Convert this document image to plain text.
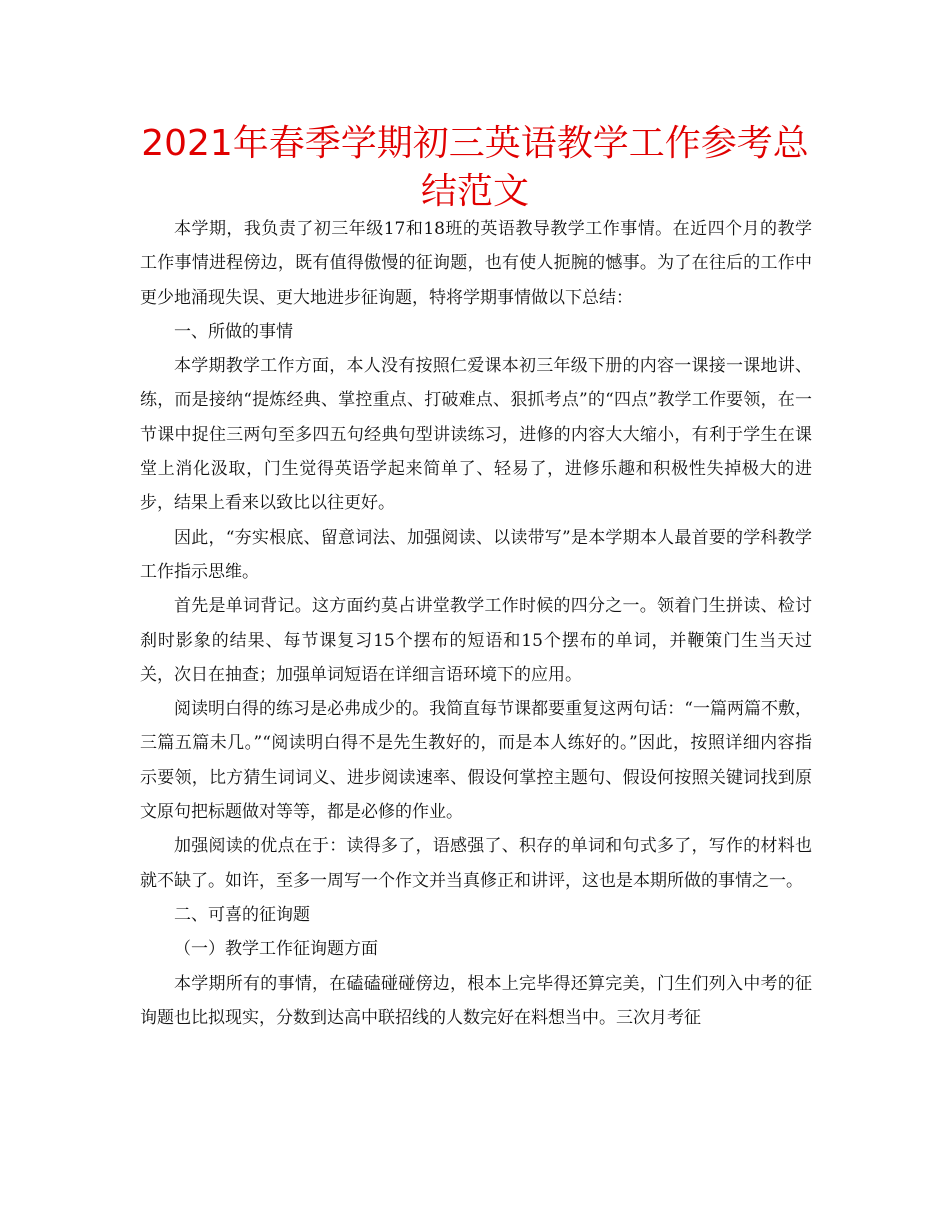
2021年春季学期初三英语教学工作参考总结范文

本学期，我负责了初三年级17和18班的英语教导教学工作事情。在近四个月的教学工作事情进程傍边，既有值得傲慢的征询题，也有使人扼腕的憾事。为了在往后的工作中更少地涌现失误、更大地进步征询题，特将学期事情做以下总结：

一、所做的事情

本学期教学工作方面，本人没有按照仁爱课本初三年级下册的内容一课接一课地讲、练，而是接纳“提炼经典、掌控重点、打破难点、狠抓考点”的“四点”教学工作要领，在一节课中捉住三两句至多四五句经典句型讲读练习，进修的内容大大缩小，有利于学生在课堂上消化汲取，门生觉得英语学起来简单了、轻易了，进修乐趣和积极性失掉极大的进步，结果上看来以致比以往更好。

因此，“夯实根底、留意词法、加强阅读、以读带写”是本学期本人最首要的学科教学工作指示思维。

首先是单词背记。这方面约莫占讲堂教学工作时候的四分之一。领着门生拼读、检讨刹时影象的结果、每节课复习15个摆布的短语和15个摆布的单词，并鞭策门生当天过关，次日在抽查；加强单词短语在详细言语环境下的应用。

阅读明白得的练习是必弗成少的。我简直每节课都要重复这两句话：“一篇两篇不敷，三篇五篇未几。”“阅读明白得不是先生教好的，而是本人练好的。”因此，按照详细内容指示要领，比方猜生词词义、进步阅读速率、假设何掌控主题句、假设何按照关键词找到原文原句把标题做对等等，都是必修的作业。

加强阅读的优点在于：读得多了，语感强了、积存的单词和句式多了，写作的材料也就不缺了。如许，至多一周写一个作文并当真修正和讲评，这也是本期所做的事情之一。

二、可喜的征询题

（一）教学工作征询题方面

本学期所有的事情，在磕磕碰碰傍边，根本上完毕得还算完美，门生们列入中考的征询题也比拟现实，分数到达高中联招线的人数完好在料想当中。三次月考征
